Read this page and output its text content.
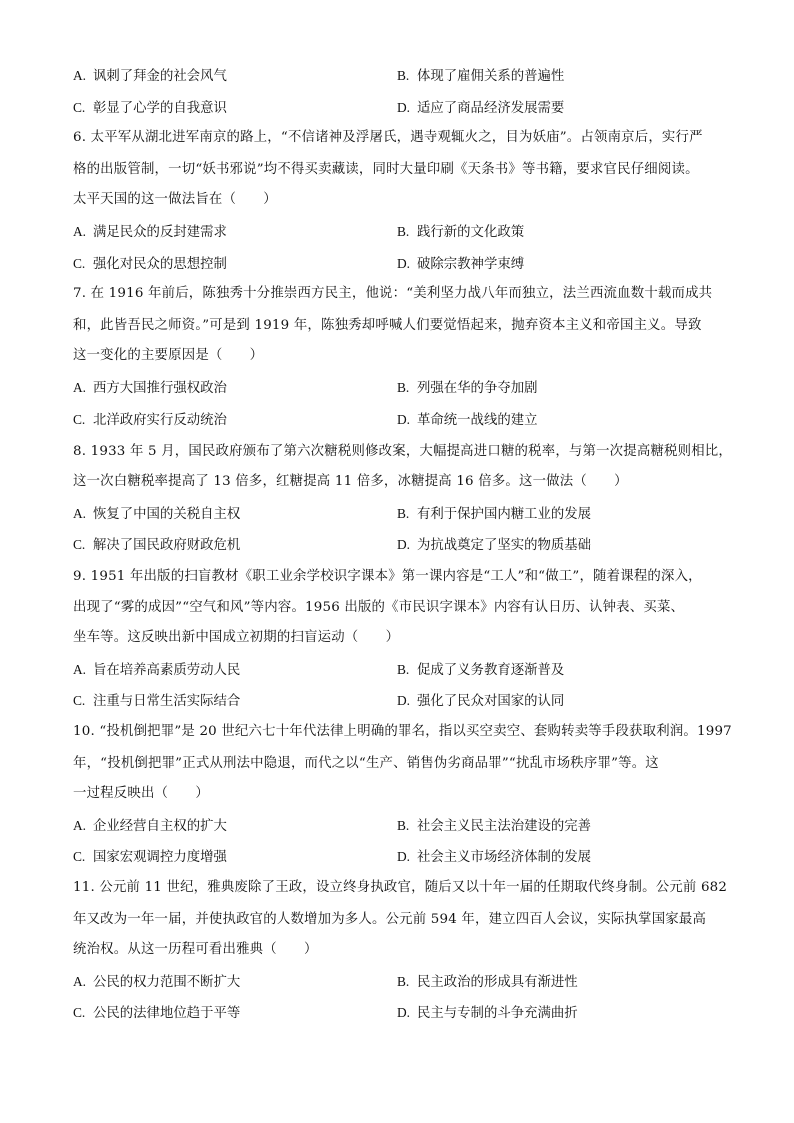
A. 讽刺了拜金的社会风气	B. 体现了雇佣关系的普遍性
C. 彰显了心学的自我意识	D. 适应了商品经济发展需要
6. 太平军从湖北进军南京的路上，“不信诸神及浮屠氏，遇寺观辄火之，目为妖庙”。占领南京后，实行严
格的出版管制，一切“妖书邪说”均不得买卖藏读，同时大量印刷《天条书》等书籍，要求官民仔细阅读。
太平天国的这一做法旨在（　　）
A. 满足民众的反封建需求	B. 践行新的文化政策
C. 强化对民众的思想控制	D. 破除宗教神学束缚
7. 在 1916 年前后，陈独秀十分推崇西方民主，他说：“美利坚力战八年而独立，法兰西流血数十载而成共
和，此皆吾民之师资。”可是到 1919 年，陈独秀却呼喊人们要觉悟起来，抛弃资本主义和帝国主义。导致
这一变化的主要原因是（　　）
A. 西方大国推行强权政治	B. 列强在华的争夺加剧
C. 北洋政府实行反动统治	D. 革命统一战线的建立
8. 1933 年 5 月，国民政府颁布了第六次糖税则修改案，大幅提高进口糖的税率，与第一次提高糖税则相比，
这一次白糖税率提高了 13 倍多，红糖提高 11 倍多，冰糖提高 16 倍多。这一做法（　　）
A. 恢复了中国的关税自主权	B. 有利于保护国内糖工业的发展
C. 解决了国民政府财政危机	D. 为抗战奠定了坚实的物质基础
9. 1951 年出版的扫盲教材《职工业余学校识字课本》第一课内容是“工人”和“做工”，随着课程的深入，
出现了“雾的成因”“空气和风”等内容。1956 出版的《市民识字课本》内容有认日历、认钟表、买菜、
坐车等。这反映出新中国成立初期的扫盲运动（　　）
A. 旨在培养高素质劳动人民	B. 促成了义务教育逐渐普及
C. 注重与日常生活实际结合	D. 强化了民众对国家的认同
10. “投机倒把罪”是 20 世纪六七十年代法律上明确的罪名，指以买空卖空、套购转卖等手段获取利润。1997
年，“投机倒把罪”正式从刑法中隐退，而代之以“生产、销售伪劣商品罪”“扰乱市场秩序罪”等。这
一过程反映出（　　）
A. 企业经营自主权的扩大	B. 社会主义民主法治建设的完善
C. 国家宏观调控力度增强	D. 社会主义市场经济体制的发展
11. 公元前 11 世纪，雅典废除了王政，设立终身执政官，随后又以十年一届的任期取代终身制。公元前 682
年又改为一年一届，并使执政官的人数增加为多人。公元前 594 年，建立四百人会议，实际执掌国家最高
统治权。从这一历程可看出雅典（　　）
A. 公民的权力范围不断扩大	B. 民主政治的形成具有渐进性
C. 公民的法律地位趋于平等	D. 民主与专制的斗争充满曲折
